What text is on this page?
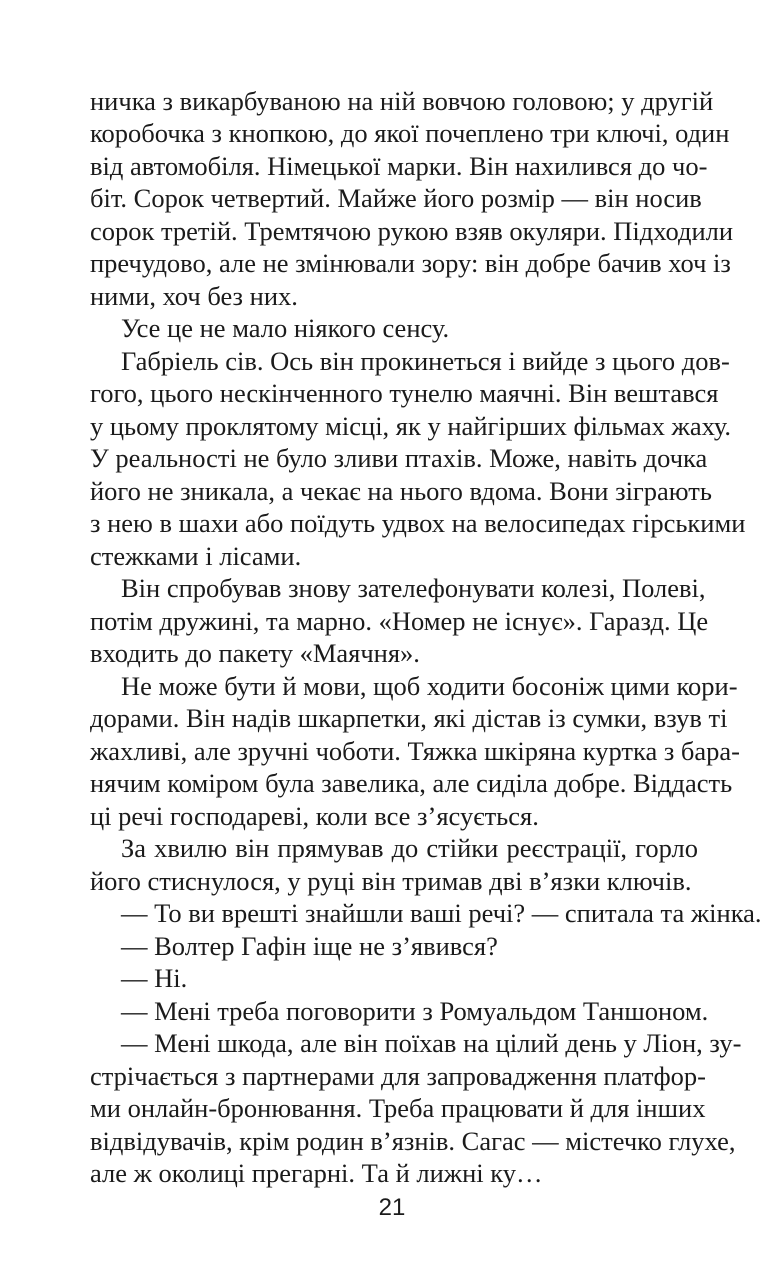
ничка з викарбуваною на ній вовчою головою; у другій
коробочка з кнопкою, до якої почеплено три ключі, один
від автомобіля. Німецької марки. Він нахилився до чо-
біт. Сорок четвертий. Майже його розмір — він носив
сорок третій. Тремтячою рукою взяв окуляри. Підходили
пречудово, але не змінювали зору: він добре бачив хоч із
ними, хоч без них.
Усе це не мало ніякого сенсу.
Габріель сів. Ось він прокинеться і вийде з цього дов-
гого, цього нескінченного тунелю маячні. Він вештався
у цьому проклятому місці, як у найгірших фільмах жаху.
У реальності не було зливи птахів. Може, навіть дочка
його не зникала, а чекає на нього вдома. Вони зіграють
з нею в шахи або поїдуть удвох на велосипедах гірськими
стежками і лісами.
Він спробував знову зателефонувати колезі, Полеві,
потім дружині, та марно. «Номер не існує». Гаразд. Це
входить до пакету «Маячня».
Не може бути й мови, щоб ходити босоніж цими кори-
дорами. Він надів шкарпетки, які дістав із сумки, взув ті
жахливі, але зручні чоботи. Тяжка шкіряна куртка з бара-
нячим коміром була завелика, але сиділа добре. Віддасть
ці речі господареві, коли все з’ясується.
За хвилю він прямував до стійки реєстрації, горло
його стиснулося, у руці він тримав дві в’язки ключів.
— То ви врешті знайшли ваші речі? — спитала та жінка.
— Волтер Гафін іще не з’явився?
— Ні.
— Мені треба поговорити з Ромуальдом Таншоном.
— Мені шкода, але він поїхав на цілий день у Ліон, зу-
стрічається з партнерами для запровадження платфор-
ми онлайн-бронювання. Треба працювати й для інших
відвідувачів, крім родин в’язнів. Сагас — містечко глухе,
але ж околиці прегарні. Та й лижні ку…
21
